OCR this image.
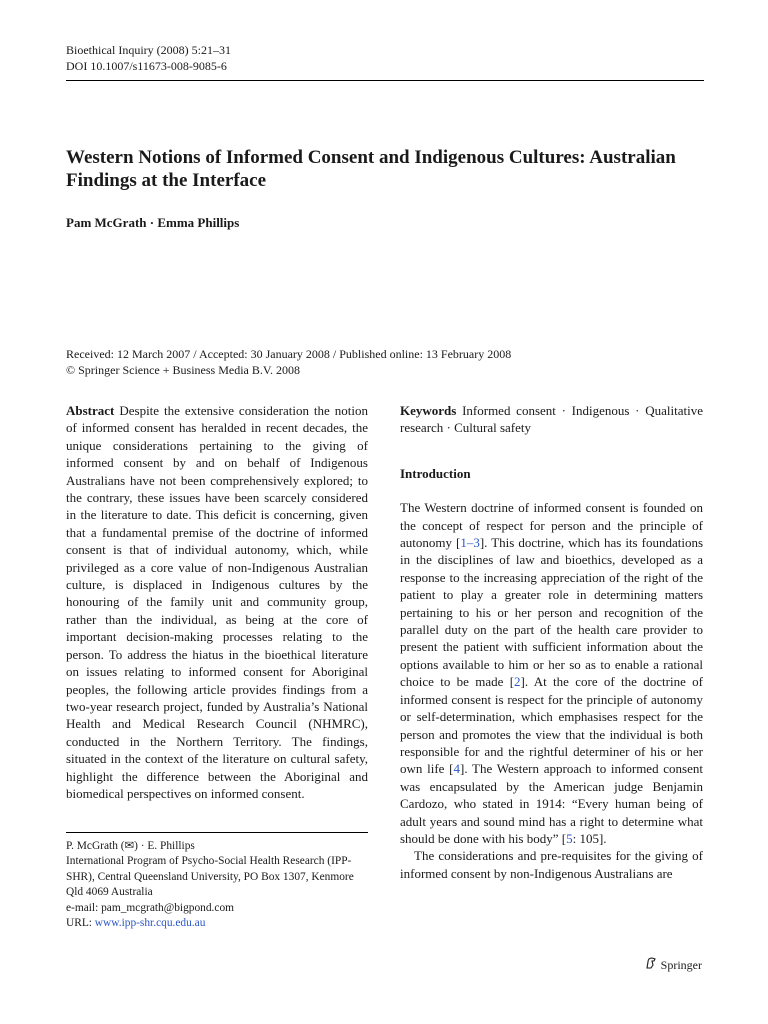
Bioethical Inquiry (2008) 5:21–31
DOI 10.1007/s11673-008-9085-6
Western Notions of Informed Consent and Indigenous Cultures: Australian Findings at the Interface
Pam McGrath · Emma Phillips
Received: 12 March 2007 / Accepted: 30 January 2008 / Published online: 13 February 2008
© Springer Science + Business Media B.V. 2008

Abstract Despite the extensive consideration the notion of informed consent has heralded in recent decades, the unique considerations pertaining to the giving of informed consent by and on behalf of Indigenous Australians have not been comprehensively explored; to the contrary, these issues have been scarcely considered in the literature to date. This deficit is concerning, given that a fundamental premise of the doctrine of informed consent is that of individual autonomy, which, while privileged as a core value of non-Indigenous Australian culture, is displaced in Indigenous cultures by the honouring of the family unit and community group, rather than the individual, as being at the core of important decision-making processes relating to the person. To address the hiatus in the bioethical literature on issues relating to informed consent for Aboriginal peoples, the following article provides findings from a two-year research project, funded by Australia’s National Health and Medical Research Council (NHMRC), conducted in the Northern Territory. The findings, situated in the context of the literature on cultural safety, highlight the difference between the Aboriginal and biomedical perspectives on informed consent.

P. McGrath (✉) · E. Phillips
International Program of Psycho-Social Health Research (IPP-SHR), Central Queensland University, PO Box 1307, Kenmore Qld 4069 Australia
e-mail: pam_mcgrath@bigpond.com
URL: www.ipp-shr.cqu.edu.au

Keywords Informed consent · Indigenous · Qualitative research · Cultural safety

Introduction

The Western doctrine of informed consent is founded on the concept of respect for person and the principle of autonomy [1–3]. This doctrine, which has its foundations in the disciplines of law and bioethics, developed as a response to the increasing appreciation of the right of the patient to play a greater role in determining matters pertaining to his or her person and recognition of the parallel duty on the part of the health care provider to present the patient with sufficient information about the options available to him or her so as to enable a rational choice to be made [2]. At the core of the doctrine of informed consent is respect for the principle of autonomy or self-determination, which emphasises respect for the person and promotes the view that the individual is both responsible for and the rightful determiner of his or her own life [4]. The Western approach to informed consent was encapsulated by the American judge Benjamin Cardozo, who stated in 1914: “Every human being of adult years and sound mind has a right to determine what should be done with his body” [5: 105].

The considerations and pre-requisites for the giving of informed consent by non-Indigenous Australians are

Springer
